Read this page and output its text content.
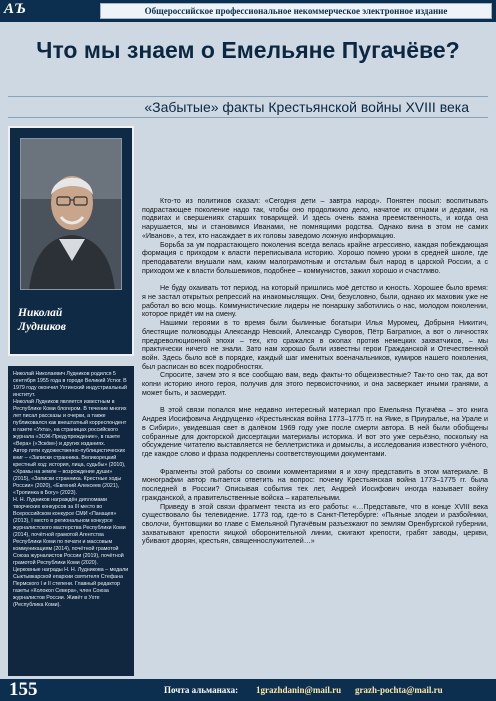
АЪ	Общероссийское профессиональное некоммерческое электронное издание
Что мы знаем о Емельяне Пугачёве?
«Забытые» факты Крестьянской войны XVIII века
Николай
Лудников

Николай Николаевич Лудников родился 5 сентября 1955 года в городе Великий Устюг. В 1979 году окончил Ухтинский индустриальный институт.

Николай Лудников является известным в Республике Коми блогером. В течение многих лет писал рассказы и очерки, а также публиковался как внештатный корреспондент в газете «Ухта», на страницах российского журнала «ЗОЖ-Предупреждение», в газете «Вера» («Эскöм») и других изданиях.

Автор пяти художественно-публицистических книг – «Записки странника. Великорецкий крестный ход: история, лица, судьбы» (2010), «Храмы на земле – возрождение души» (2015), «Записки странника. Крестные ходы России» (2020), «Евгений Алексеев (2021), «Тропинка в Богу» (2023).

Н. Н. Лудников награждён дипломами творческих конкурсов за III место во Всероссийском конкурсе СМИ «Панацея» (2013), I место в региональном конкурсе журналистского мастерства Республики Коми (2014), почётной грамотой Агентства Республики Коми по печати и массовым коммуникациям (2014), почётной грамотой Союза журналистов России (2019), почётной грамотой Республики Коми (2020).

Церковные награды Н. Н. Лудникова – медали Сыктывкарской епархии святителя Стефана Пермского I и II степени. Главный редактор газеты «Колокол Севера», член Союза журналистов России. Живёт в Ухте (Республика Коми).

Кто-то из политиков сказал: «Сегодня дети – завтра народ». Понятен посыл: воспитывать подрастающее поколение надо так, чтобы оно продолжило дело, начатое их отцами и дедами, на подвигах и свершениях старших товарищей. И здесь очень важна преемственность, и когда она нарушается, мы и становимся Иванами, не помнящими родства. Однако вина в этом не самих «Иванов», а тех, кто насаждает в их головы заведомо ложную информацию.

Борьба за ум подрастающего поколения всегда велась крайне агрессивно, каждая побеждающая формация с приходом к власти переписывала историю. Хорошо помню уроки в средней школе, где преподаватели внушали нам, каким малограмотным и отсталым был народ в царской России, а с приходом же к власти большевиков, подобнее – коммунистов, зажил хорошо и счастливо.

Не буду охаивать тот период, на который пришлись моё детство и юность. Хорошее было время: я не застал открытых репрессий на инакомыслящих. Они, безусловно, были, однако их маховик уже не работал во всю мощь. Коммунистические лидеры не понаршку заботились о нас, молодом поколении, которое придёт им на смену.

Нашими героями в то время были былинные богатыри Илья Муромец, Добрыня Никитич, блестящие полководцы Александр Невский, Александр Суворов, Пётр Багратион, а вот о личностях предреволюционной эпохи – тех, кто сражался в окопах против немецких захватчиков, – мы практически ничего не знали. Зато нам хорошо были известны герои Гражданской и Отечественной войн. Здесь было всё в порядке, каждый шаг именитых военачальников, кумиров нашего поколения, был расписан во всех подробностях.

Спросите, зачем это я все сообщаю вам, ведь факты-то общеизвестные? Так-то оно так, да вот копни историю иного героя, получив для этого первоисточники, и она засверкает иными гранями, а может быть, и засмердит.

В этой связи попался мне недавно интересный материал про Емельяна Пугачёва – это книга Андрея Иосифовича Андрущенко «Крестьянская война 1773–1775 гг. на Яике, в Приуралье, на Урале и в Сибири», увидевшая свет в далёком 1969 году уже после смерти автора. В ней были обобщены собранные для докторской диссертации материалы историка. И вот это уже серьёзно, поскольку на обсуждение читателю выставляется не беллетристика и домыслы, а исследования известного учёного, где каждое слово и фраза подкреплены соответствующими документами.

Фрагменты этой работы со своими комментариями я и хочу представить в этом материале. В монографии автор пытается ответить на вопрос: почему Крестьянская война 1773–1775 гг. была последней в России? Описывая события тех лет, Андрей Иосифович иногда называет войну гражданской, а правительственные войска – карательными.

Приведу в этой связи фрагмент текста из его работы: «…Представьте, что в конце XVIII века существовало бы телевидение. 1773 год, где-то в Санкт-Петербурге: «Пьяные злодеи и разбойники, сволочи, бунтовщики во главе с Емельяной Пугачёвым разъезжают по землям Оренбургской губернии, захватывают крепости яицкой оборонительной линии, сжигают крепости, грабят заводы, церкви, убивают дворян, крестьян, священнослужителей…»

155	Почта альманаха: 1grazhdanin@mail.ru grazh-pochta@mail.ru
